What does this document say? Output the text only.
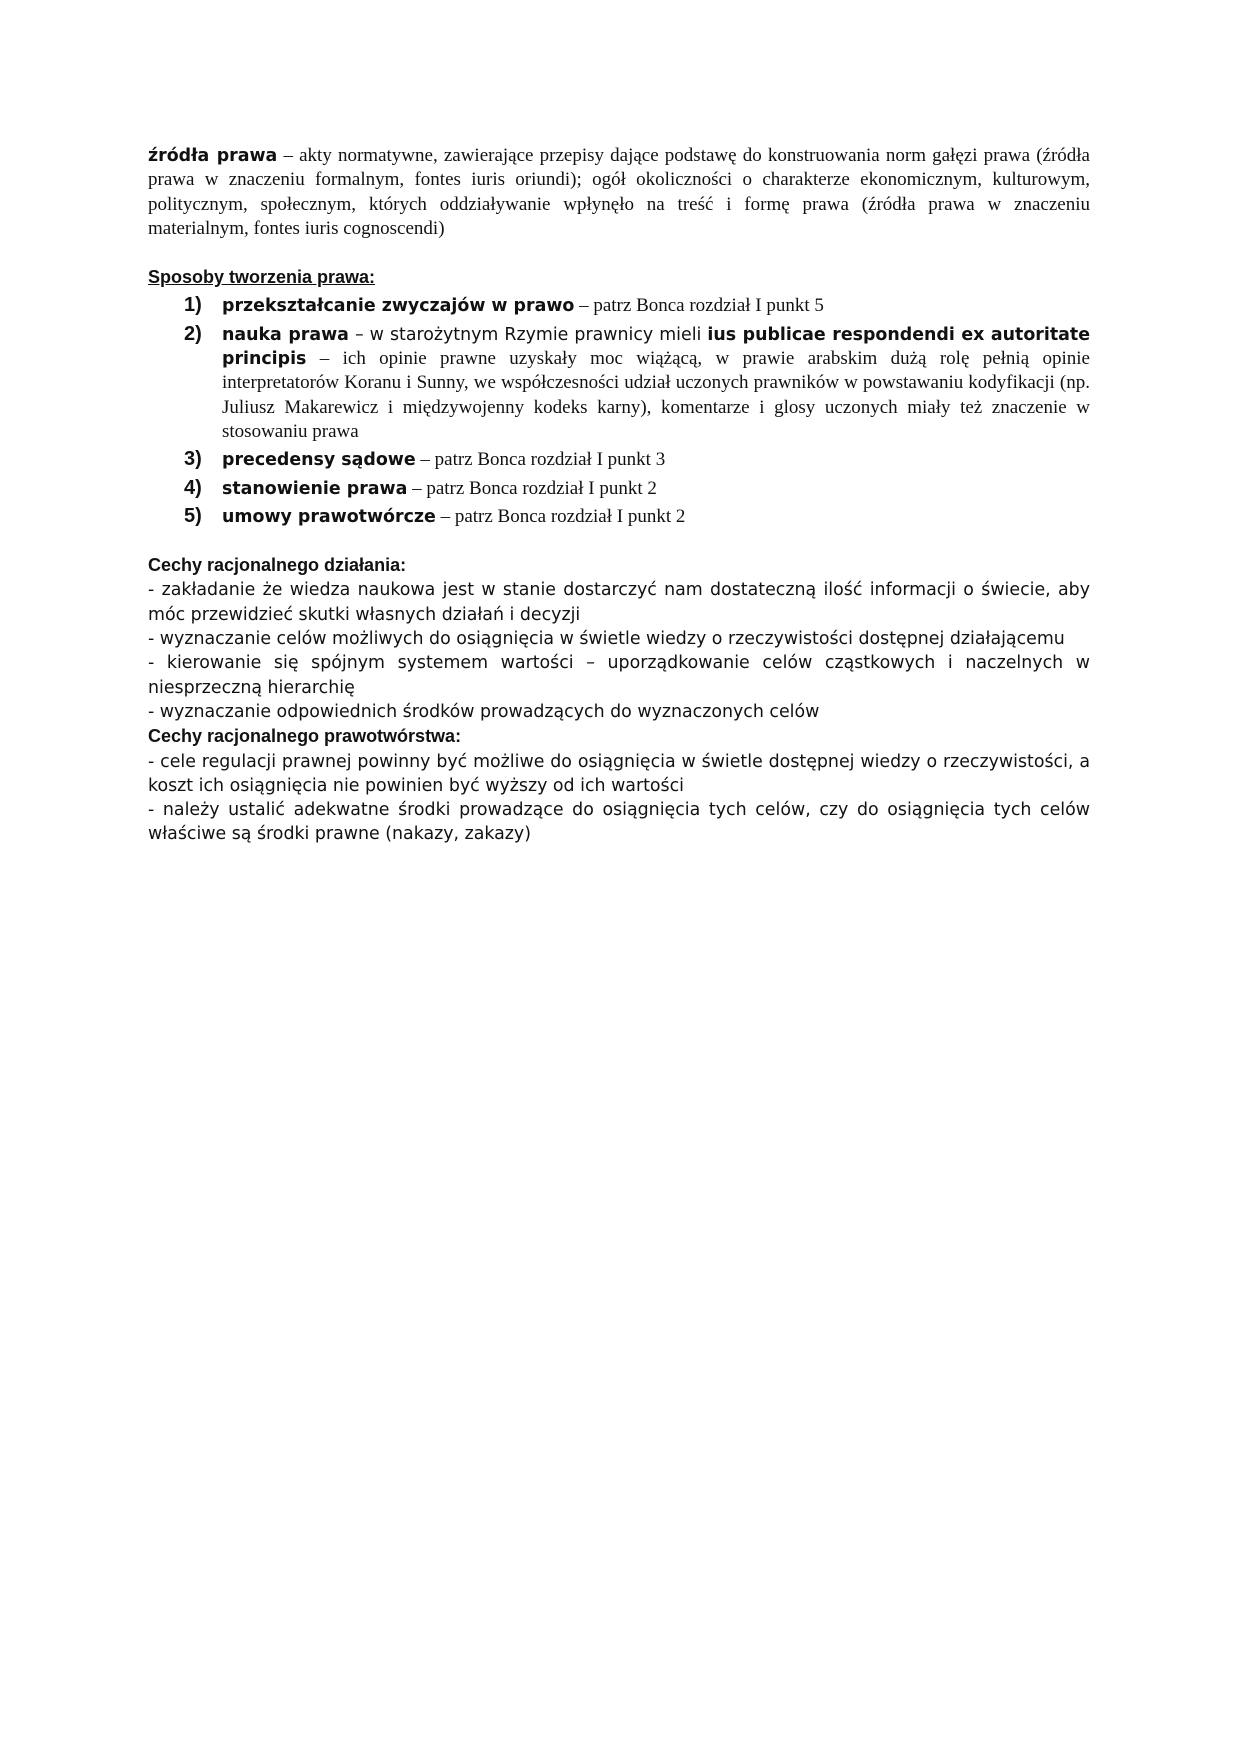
źródła prawa – akty normatywne, zawierające przepisy dające podstawę do konstruowania norm gałęzi prawa (źródła prawa w znaczeniu formalnym, fontes iuris oriundi); ogół okoliczności o charakterze ekonomicznym, kulturowym, politycznym, społecznym, których oddziaływanie wpłynęło na treść i formę prawa (źródła prawa w znaczeniu materialnym, fontes iuris cognoscendi)

Sposoby tworzenia prawa:

1) przekształcanie zwyczajów w prawo – patrz Bonca rozdział I punkt 5
2) nauka prawa – w starożytnym Rzymie prawnicy mieli ius publicae respondendi ex autoritate principis – ich opinie prawne uzyskały moc wiążącą, w prawie arabskim dużą rolę pełnią opinie interpretatorów Koranu i Sunny, we współczesności udział uczonych prawników w powstawaniu kodyfikacji (np. Juliusz Makarewicz i międzywojenny kodeks karny), komentarze i glosy uczonych miały też znaczenie w stosowaniu prawa
3) precedensy sądowe – patrz Bonca rozdział I punkt 3
4) stanowienie prawa – patrz Bonca rozdział I punkt 2
5) umowy prawotwórcze – patrz Bonca rozdział I punkt 2

Cechy racjonalnego działania:

- zakładanie że wiedza naukowa jest w stanie dostarczyć nam dostateczną ilość informacji o świecie, aby móc przewidzieć skutki własnych działań i decyzji

- wyznaczanie celów możliwych do osiągnięcia w świetle wiedzy o rzeczywistości dostępnej działającemu

- kierowanie się spójnym systemem wartości – uporządkowanie celów cząstkowych i naczelnych w niesprzeczną hierarchię

- wyznaczanie odpowiednich środków prowadzących do wyznaczonych celów

Cechy racjonalnego prawotwórstwa:

- cele regulacji prawnej powinny być możliwe do osiągnięcia w świetle dostępnej wiedzy o rzeczywistości, a koszt ich osiągnięcia nie powinien być wyższy od ich wartości

- należy ustalić adekwatne środki prowadzące do osiągnięcia tych celów, czy do osiągnięcia tych celów właściwe są środki prawne (nakazy, zakazy)
